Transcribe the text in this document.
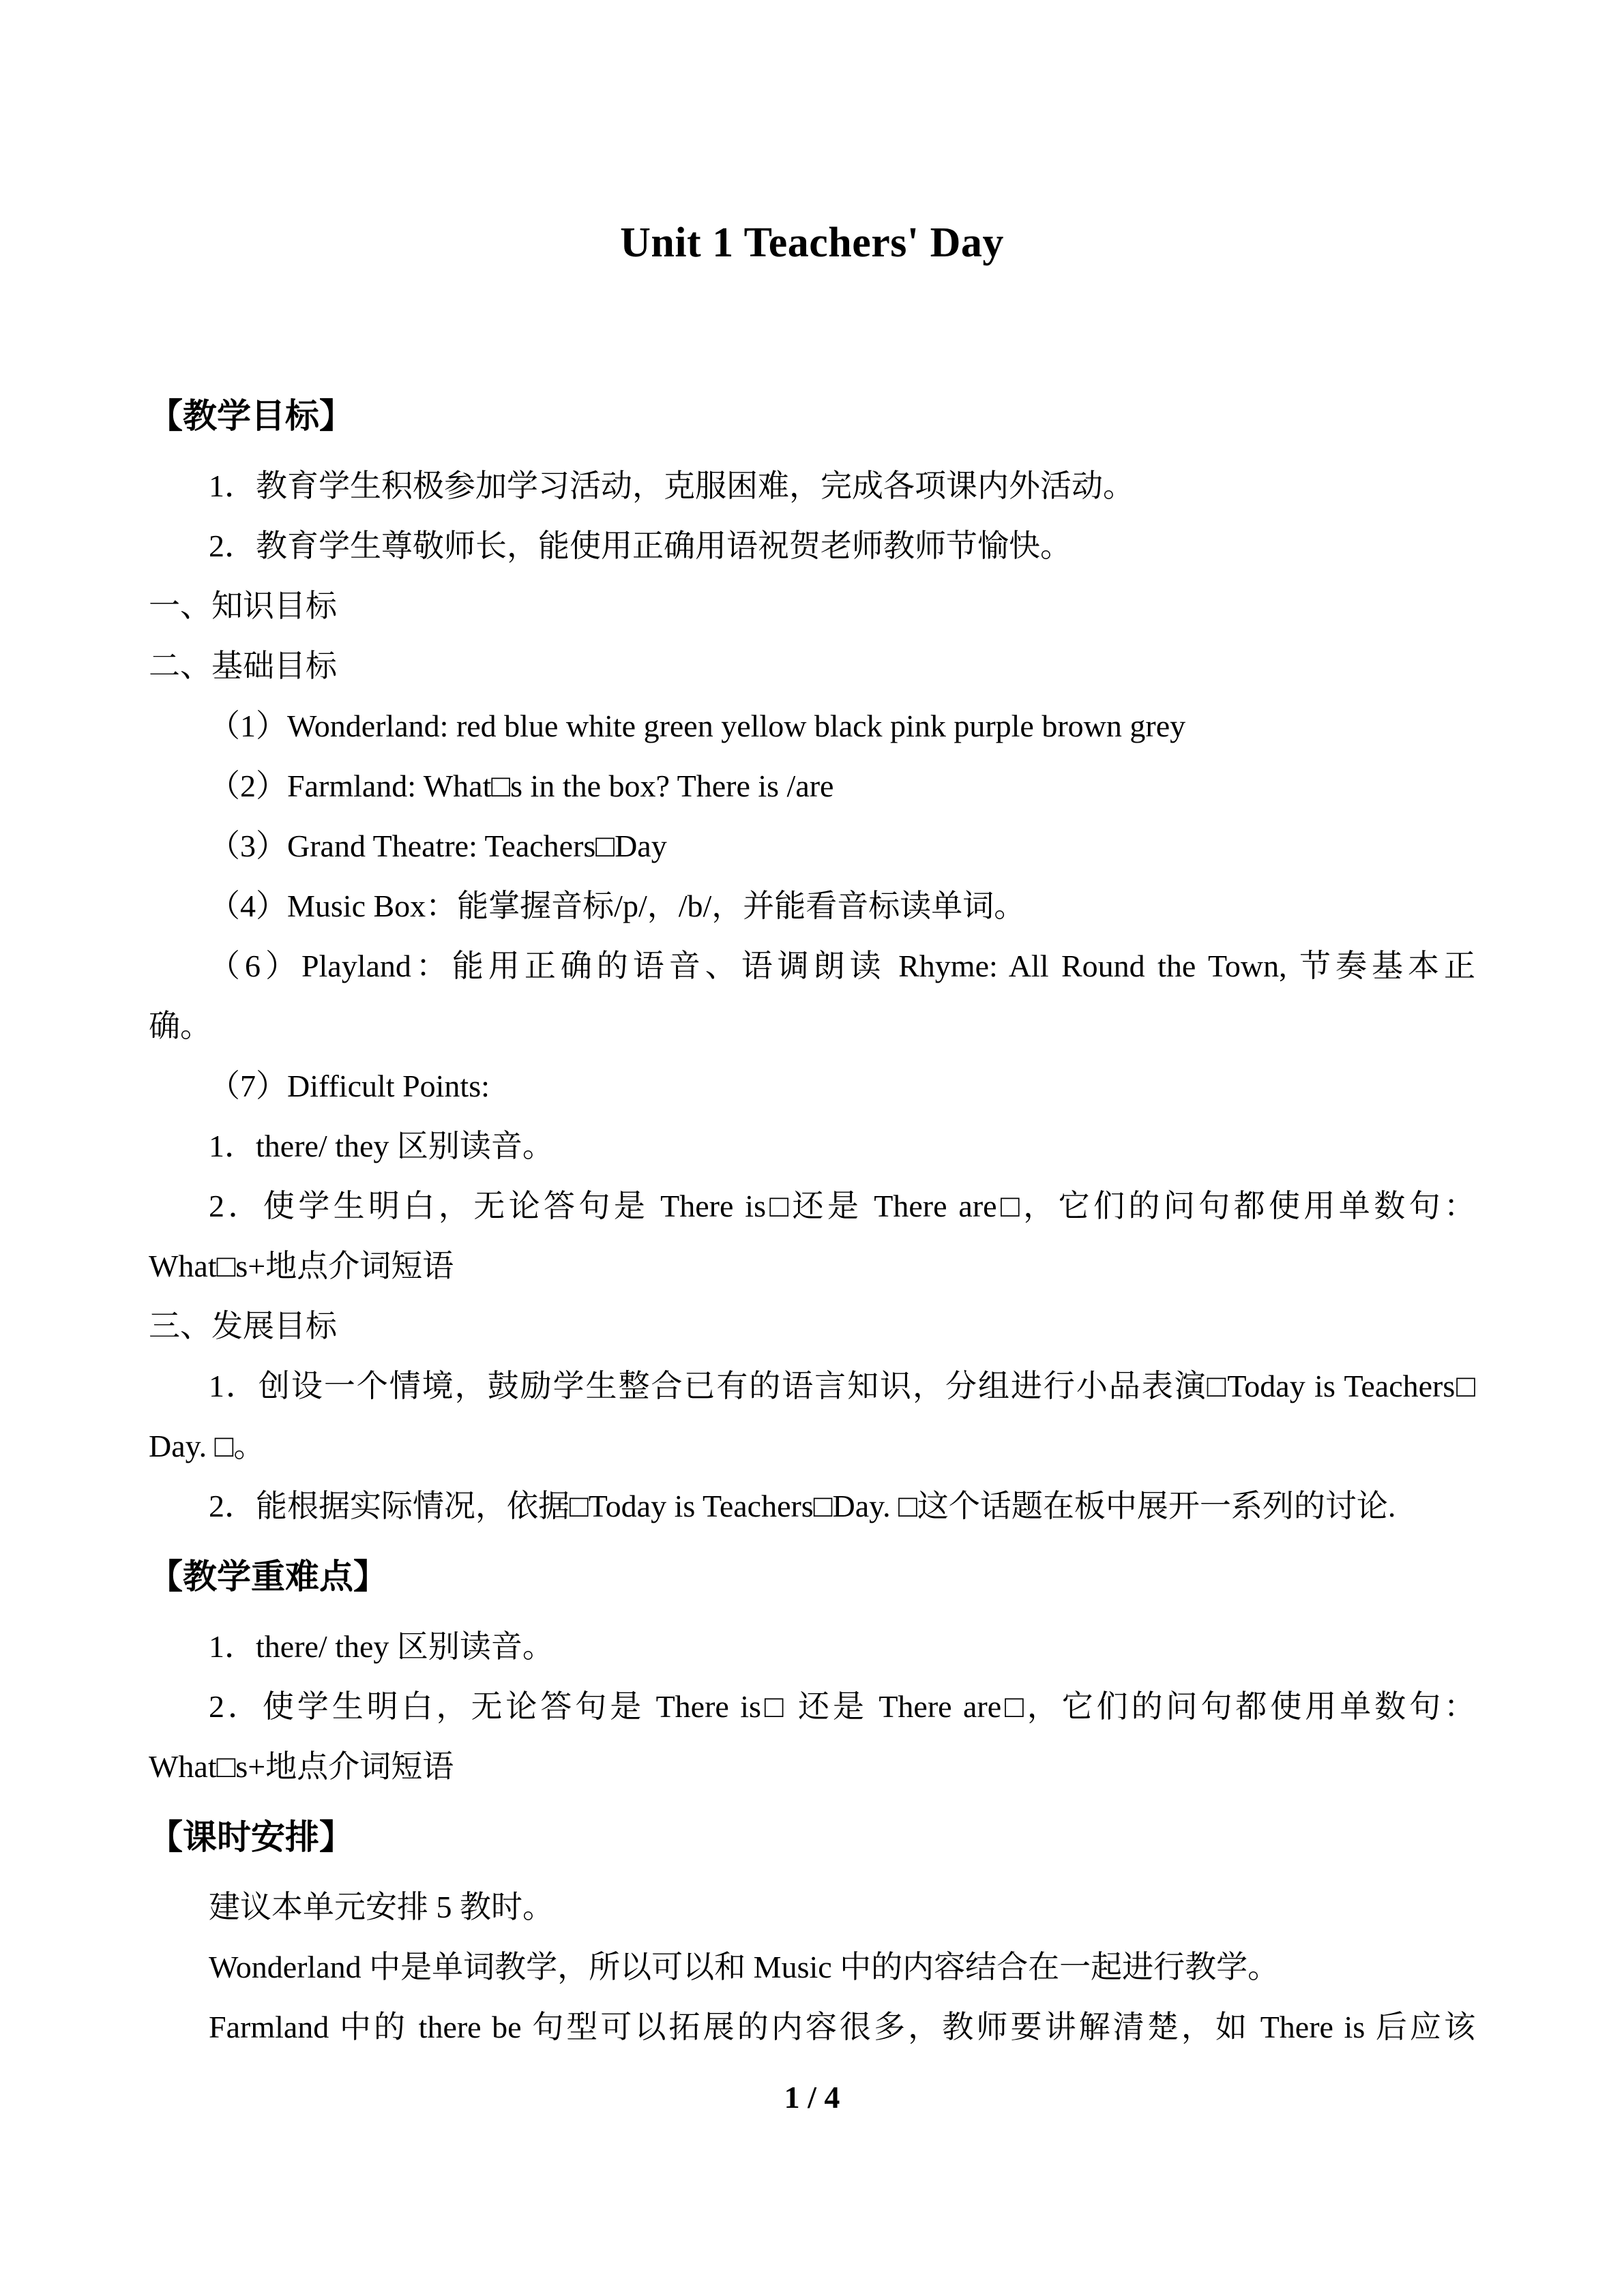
Unit 1 Teachers' Day
【教学目标】
1．教育学生积极参加学习活动，克服困难，完成各项课内外活动。
2．教育学生尊敬师长，能使用正确用语祝贺老师教师节愉快。
一、知识目标
二、基础目标
（1）Wonderland: red blue white green yellow black pink purple brown grey
（2）Farmland: What□s in the box? There is /are
（3）Grand Theatre: Teachers□Day
（4）Music Box：能掌握音标/p/，/b/，并能看音标读单词。
（6）Playland：能用正确的语音、语调朗读 Rhyme: All Round the Town, 节奏基本正
确。
（7）Difficult Points:
1．there/ they 区别读音。
2．使学生明白，无论答句是 There is□还是 There are□，它们的问句都使用单数句：
What□s+地点介词短语
三、发展目标
1．创设一个情境，鼓励学生整合已有的语言知识，分组进行小品表演□Today is Teachers□
Day. □。
2．能根据实际情况，依据□Today is Teachers□Day. □这个话题在板中展开一系列的讨论.
【教学重难点】
1．there/ they 区别读音。
2．使学生明白，无论答句是 There is□ 还是 There are□，它们的问句都使用单数句：
What□s+地点介词短语
【课时安排】
建议本单元安排 5 教时。
Wonderland 中是单词教学，所以可以和 Music 中的内容结合在一起进行教学。
Farmland 中的 there be 句型可以拓展的内容很多，教师要讲解清楚，如 There is 后应该
1 / 4
